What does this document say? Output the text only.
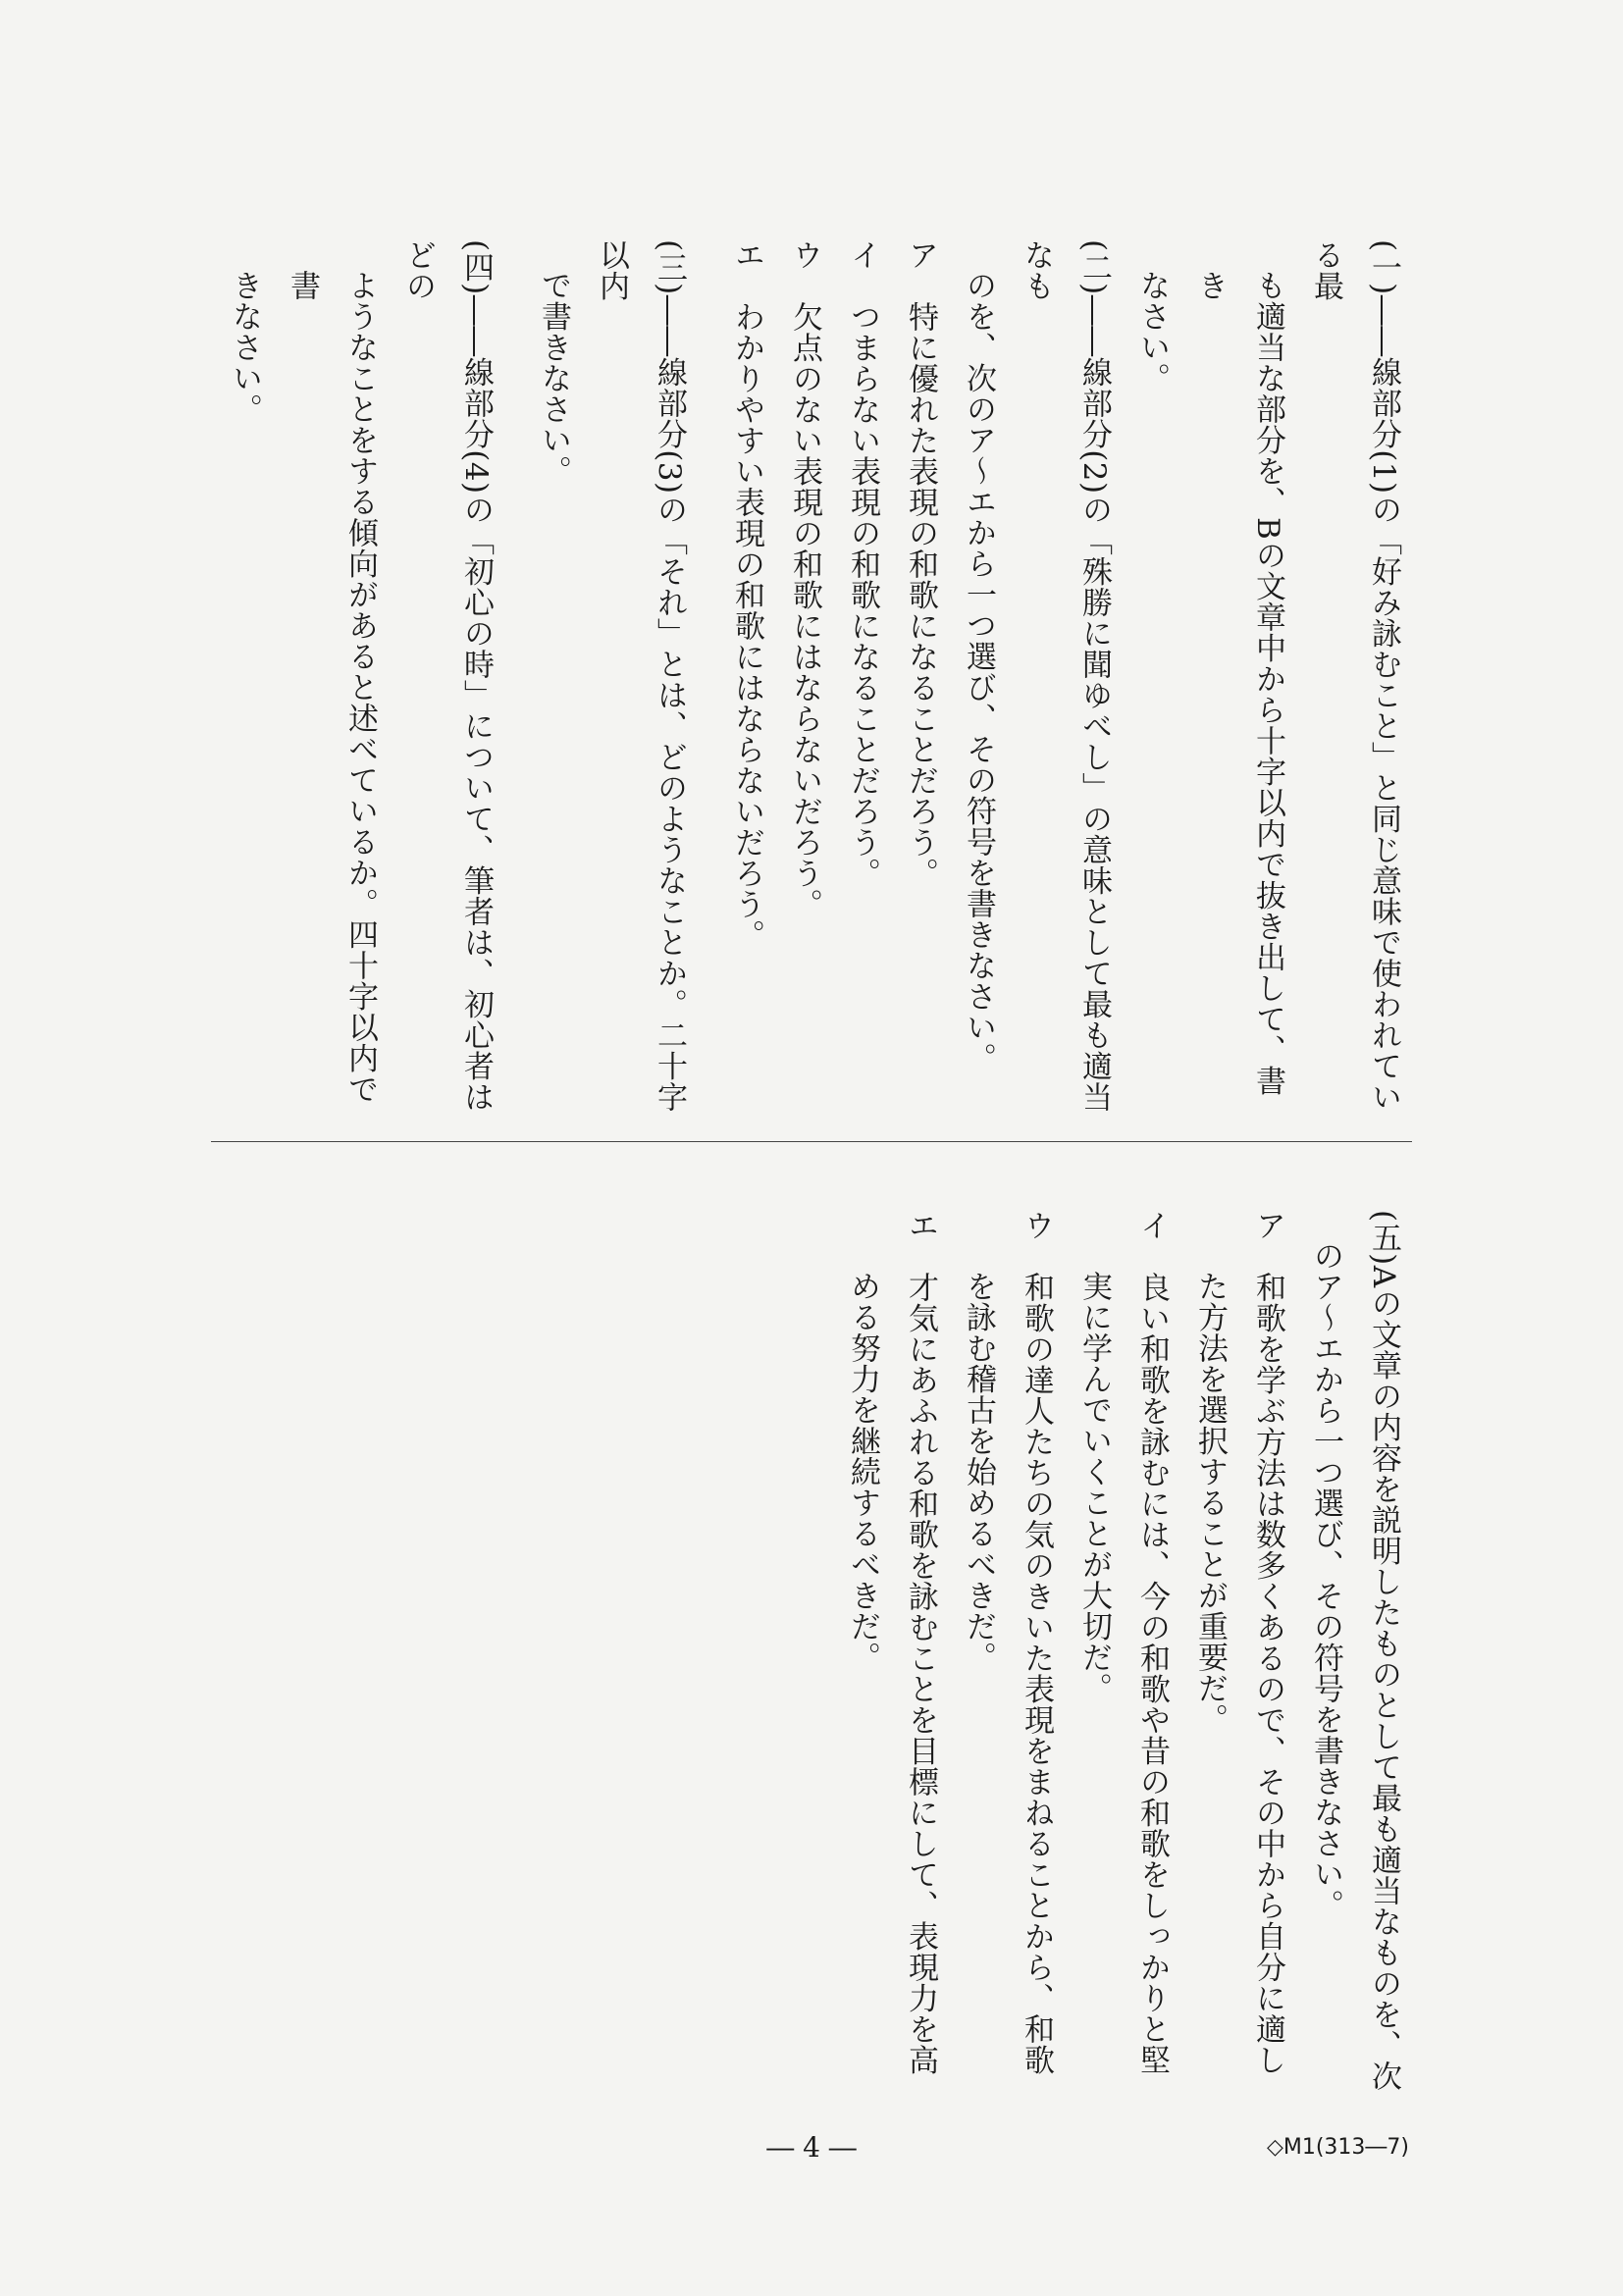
(一)――線部分(1)の「好み詠むこと」と同じ意味で使われている最
も適当な部分を、Bの文章中から十字以内で抜き出して、書き
なさい。
(二)――線部分(2)の「殊勝に聞ゆべし」の意味として最も適当なも
のを、次のア～エから一つ選び、その符号を書きなさい。
ア　特に優れた表現の和歌になることだろう。
イ　つまらない表現の和歌になることだろう。
ウ　欠点のない表現の和歌にはならないだろう。
エ　わかりやすい表現の和歌にはならないだろう。
(三)――線部分(3)の「それ」とは、どのようなことか。二十字以内
で書きなさい。
(四)――線部分(4)の「初心の時」について、筆者は、初心者はどの
ようなことをする傾向があると述べているか。四十字以内で書
きなさい。
(五)Aの文章の内容を説明したものとして最も適当なものを、次
のア～エから一つ選び、その符号を書きなさい。
ア　和歌を学ぶ方法は数多くあるので、その中から自分に適し
た方法を選択することが重要だ。
イ　良い和歌を詠むには、今の和歌や昔の和歌をしっかりと堅
実に学んでいくことが大切だ。
ウ　和歌の達人たちの気のきいた表現をまねることから、和歌
を詠む稽古を始めるべきだ。
エ　才気にあふれる和歌を詠むことを目標にして、表現力を高
める努力を継続するべきだ。
― 4 ―	◇M1(313―7)
